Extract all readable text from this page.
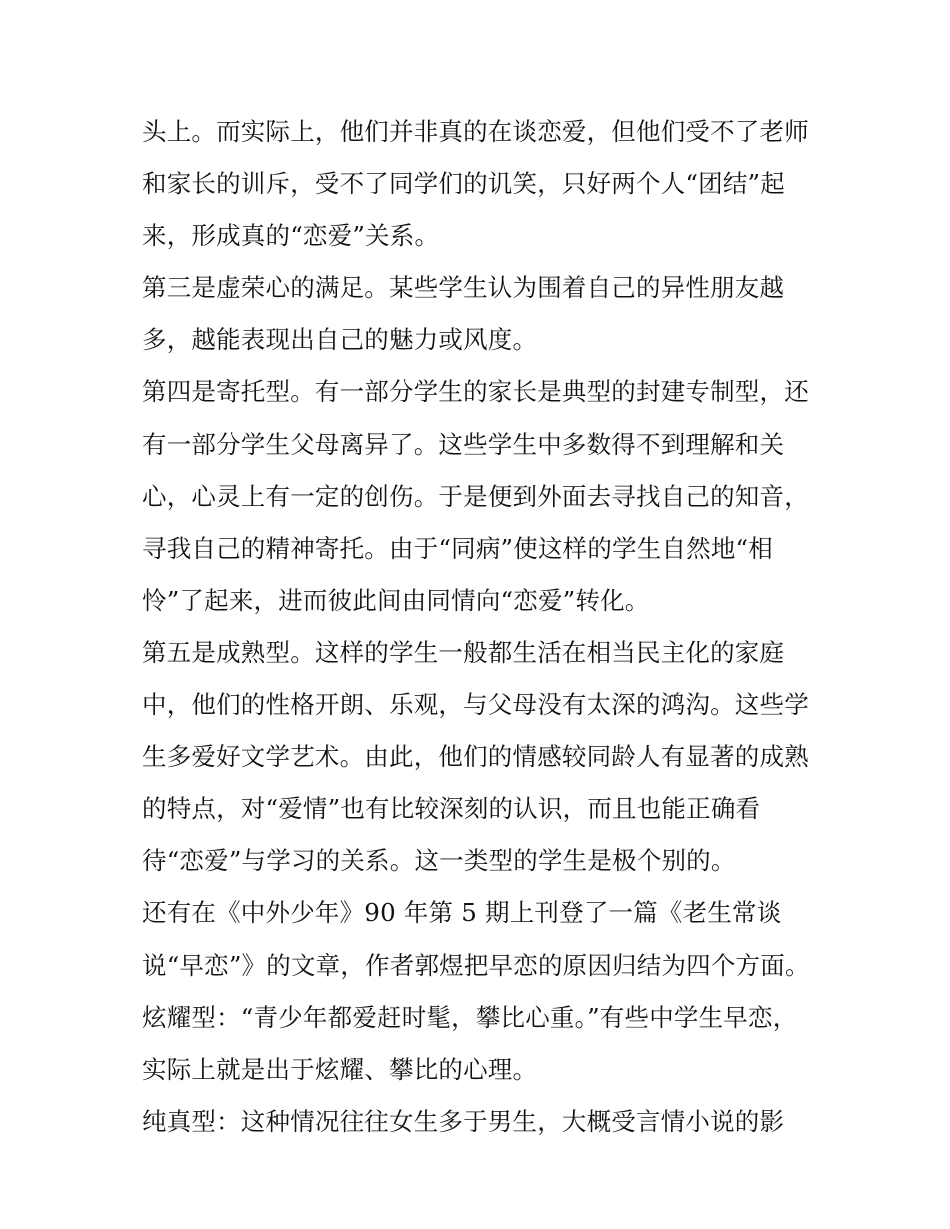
头上。而实际上，他们并非真的在谈恋爱，但他们受不了老师
和家长的训斥，受不了同学们的讥笑，只好两个人“团结”起
来，形成真的“恋爱”关系。
第三是虚荣心的满足。某些学生认为围着自己的异性朋友越
多，越能表现出自己的魅力或风度。
第四是寄托型。有一部分学生的家长是典型的封建专制型，还
有一部分学生父母离异了。这些学生中多数得不到理解和关
心，心灵上有一定的创伤。于是便到外面去寻找自己的知音，
寻我自己的精神寄托。由于“同病”使这样的学生自然地“相
怜”了起来，进而彼此间由同情向“恋爱”转化。
第五是成熟型。这样的学生一般都生活在相当民主化的家庭
中，他们的性格开朗、乐观，与父母没有太深的鸿沟。这些学
生多爱好文学艺术。由此，他们的情感较同龄人有显著的成熟
的特点，对“爱情”也有比较深刻的认识，而且也能正确看
待“恋爱”与学习的关系。这一类型的学生是极个别的。
还有在《中外少年》90 年第 5 期上刊登了一篇《老生常谈
说“早恋”》的文章，作者郭煜把早恋的原因归结为四个方面。
炫耀型：“青少年都爱赶时髦，攀比心重。”有些中学生早恋，
实际上就是出于炫耀、攀比的心理。
纯真型：这种情况往往女生多于男生，大概受言情小说的影
